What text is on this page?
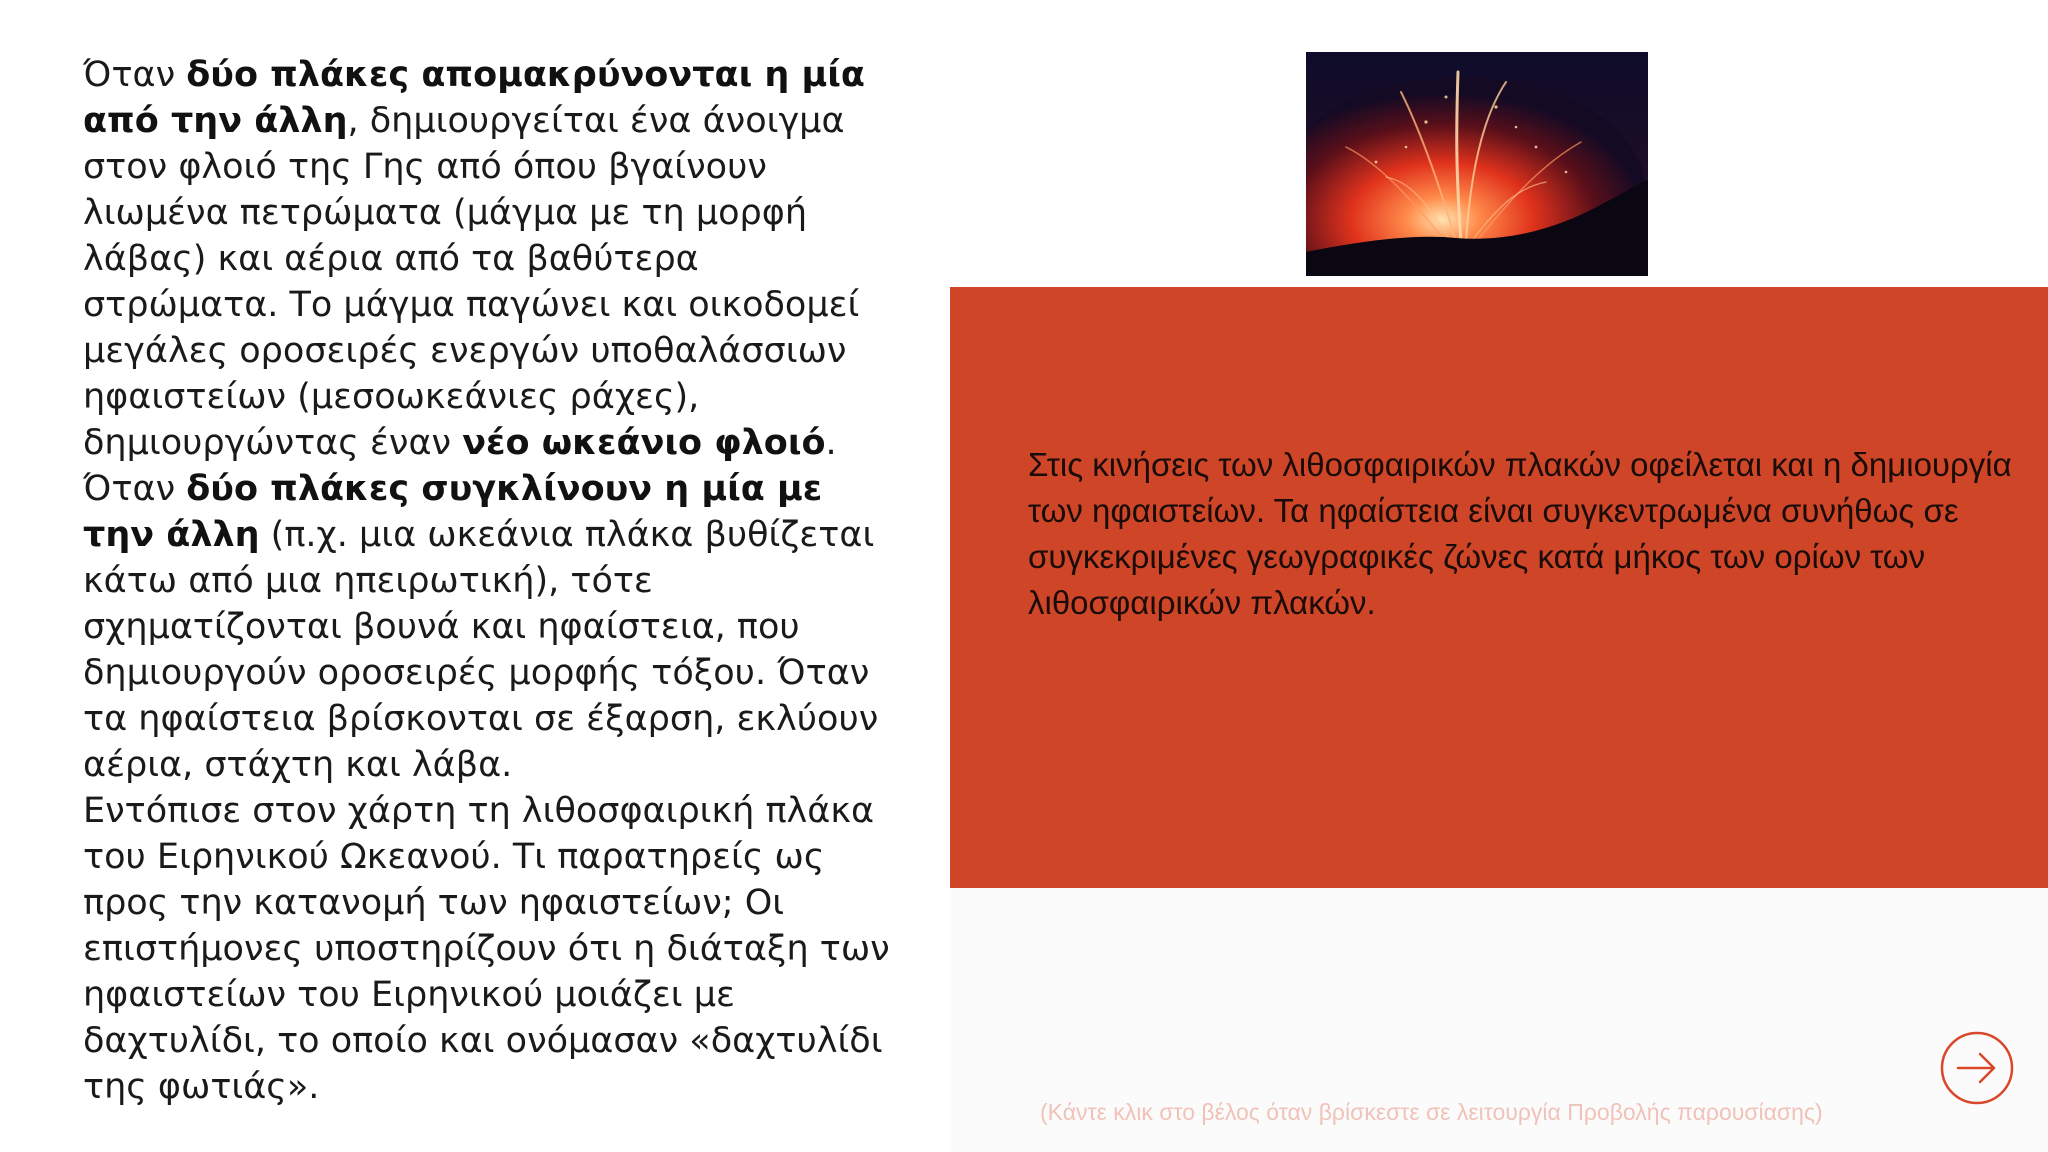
Όταν δύο πλάκες απομακρύνονται η μία από την άλλη, δημιουργείται ένα άνοιγμα στον φλοιό της Γης από όπου βγαίνουν λιωμένα πετρώματα (μάγμα με τη μορφή λάβας) και αέρια από τα βαθύτερα στρώματα. Το μάγμα παγώνει και οικοδομεί μεγάλες οροσειρές ενεργών υποθαλάσσιων ηφαιστείων (μεσοωκεάνιες ράχες), δημιουργώντας έναν νέο ωκεάνιο φλοιό.

Όταν δύο πλάκες συγκλίνουν η μία με την άλλη (π.χ. μια ωκεάνια πλάκα βυθίζεται κάτω από μια ηπειρωτική), τότε σχηματίζονται βουνά και ηφαίστεια, που δημιουργούν οροσειρές μορφής τόξου. Όταν τα ηφαίστεια βρίσκονται σε έξαρση, εκλύουν αέρια, στάχτη και λάβα.

Εντόπισε στον χάρτη τη λιθοσφαιρική πλάκα του Ειρηνικού Ωκεανού. Τι παρατηρείς ως προς την κατανομή των ηφαιστείων; Οι επιστήμονες υποστηρίζουν ότι η διάταξη των ηφαιστείων του Ειρηνικού μοιάζει με δαχτυλίδι, το οποίο και ονόμασαν «δαχτυλίδι της φωτιάς».

Στις κινήσεις των λιθοσφαιρικών πλακών οφείλεται και η δημιουργία των ηφαιστείων. Τα ηφαίστεια είναι συγκεντρωμένα συνήθως σε συγκεκριμένες γεωγραφικές ζώνες κατά μήκος των ορίων των λιθοσφαιρικών πλακών.

(Κάντε κλικ στο βέλος όταν βρίσκεστε σε λειτουργία Προβολής παρουσίασης)
